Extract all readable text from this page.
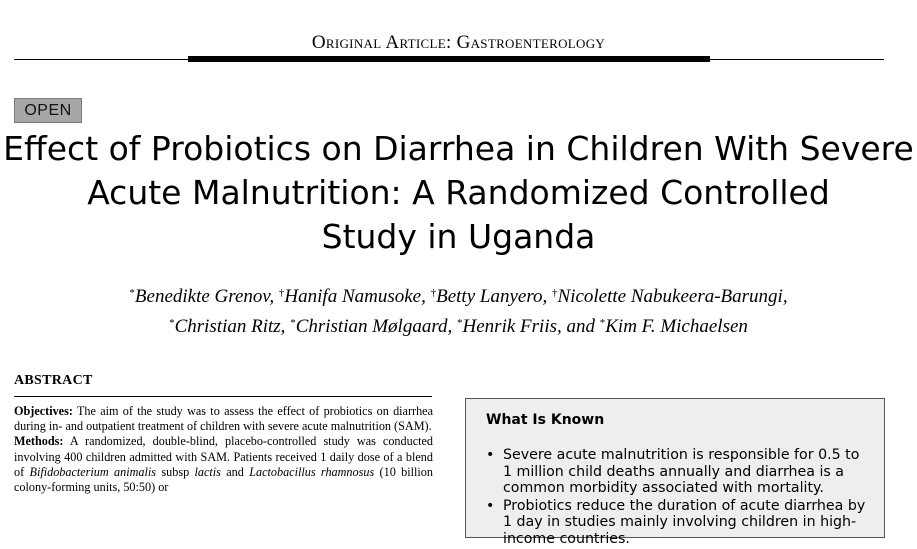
Original Article: Gastroenterology
OPEN
Effect of Probiotics on Diarrhea in Children With Severe
Acute Malnutrition: A Randomized Controlled
Study in Uganda
*Benedikte Grenov, †Hanifa Namusoke, †Betty Lanyero, †Nicolette Nabukeera-Barungi,
*Christian Ritz, *Christian Mølgaard, *Henrik Friis, and *Kim F. Michaelsen
ABSTRACT

Objectives: The aim of the study was to assess the effect of probiotics on diarrhea during in- and outpatient treatment of children with severe acute malnutrition (SAM).

Methods: A randomized, double-blind, placebo-controlled study was conducted involving 400 children admitted with SAM. Patients received 1 daily dose of a blend of Bifidobacterium animalis subsp lactis and Lactobacillus rhamnosus (10 billion colony-forming units, 50:50) or

What Is Known
• Severe acute malnutrition is responsible for 0.5 to 1 million child deaths annually and diarrhea is a common morbidity associated with mortality.
• Probiotics reduce the duration of acute diarrhea by 1 day in studies mainly involving children in high-income countries.
